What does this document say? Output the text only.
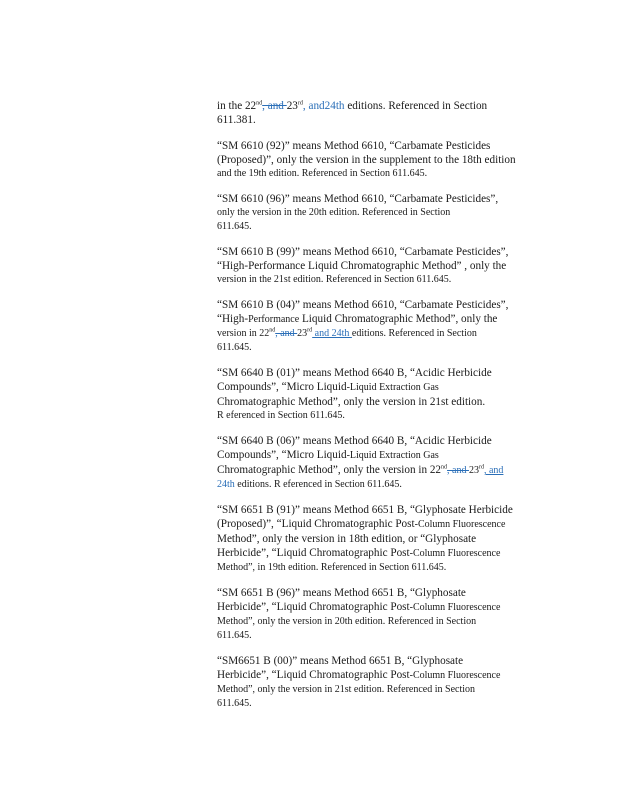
in the 22nd, and 23rd, and24th editions. Referenced in Section
611.381.
“SM 6610 (92)” means Method 6610, “Carbamate Pesticides
(Proposed)”, only the version in the supplement to the 18th edition
and the 19th edition. Referenced in Section 611.645.
“SM 6610 (96)” means Method 6610, “Carbamate Pesticides”,
only the version in the 20th edition. Referenced in Section
611.645.
“SM 6610 B (99)” means Method 6610, “Carbamate Pesticides”,
“High-Performance Liquid Chromatographic Method” , only the
version in the 21st edition. Referenced in Section 611.645.
“SM 6610 B (04)” means Method 6610, “Carbamate Pesticides”,
“High-Performance Liquid Chromatographic Method”, only the
version in 22nd, and 23rd and 24th editions. Referenced in Section
611.645.
“SM 6640 B (01)” means Method 6640 B, “Acidic Herbicide
Compounds”, “Micro Liquid-Liquid Extraction Gas
Chromatographic Method”, only the version in 21st edition.
R eferenced in Section 611.645.
“SM 6640 B (06)” means Method 6640 B, “Acidic Herbicide
Compounds”, “Micro Liquid-Liquid Extraction Gas
Chromatographic Method”, only the version in 22nd, and 23rd, and
24th editions. R eferenced in Section 611.645.
“SM 6651 B (91)” means Method 6651 B, “Glyphosate Herbicide
(Proposed)”, “Liquid Chromatographic Post-Column Fluorescence
Method”, only the version in 18th edition, or “Glyphosate
Herbicide”, “Liquid Chromatographic Post-Column Fluorescence
Method”, in 19th edition. Referenced in Section 611.645.
“SM 6651 B (96)” means Method 6651 B, “Glyphosate
Herbicide”, “Liquid Chromatographic Post-Column Fluorescence
Method”, only the version in 20th edition. Referenced in Section
611.645.
“SM6651 B (00)” means Method 6651 B, “Glyphosate
Herbicide”, “Liquid Chromatographic Post-Column Fluorescence
Method”, only the version in 21st edition. Referenced in Section
611.645.
